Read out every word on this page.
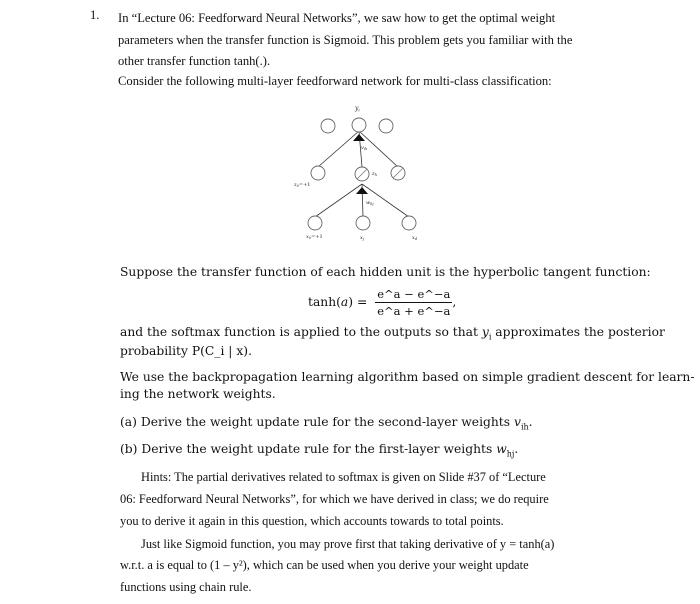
1. In “Lecture 06: Feedforward Neural Networks”, we saw how to get the optimal weight
parameters when the transfer function is Sigmoid. This problem gets you familiar with the
other transfer function tanh(.).
Consider the following multi-layer feedforward network for multi-class classification:
$y_i$
$v_{ih}$
$z_h$
$w_{hj}$
$z_0=+1$
$x_0=+1$	$x_j$	$x_d$
Suppose the transfer function of each hidden unit is the hyperbolic tangent function:
$\tanh(a) = \frac{e\^{}a - e\^{}-a}{e\^{}a + e\^{}-a}$ ,
and the softmax function is applied to the outputs so that $y_i$ approximates the posterior
probability P(C_i | x).
We use the backpropagation learning algorithm based on simple gradient descent for learn-
ing the network weights.
(a) Derive the weight update rule for the second-layer weights $v_{ih}$.
(b) Derive the weight update rule for the first-layer weights $w_{hj}$.
Hints: The partial derivatives related to softmax is given on Slide #37 of “Lecture
06: Feedforward Neural Networks”, for which we have derived in class; we do require
you to derive it again in this question, which accounts towards to total points.
Just like Sigmoid function, you may prove first that taking derivative of y = tanh(a)
w.r.t. a is equal to (1 – y²), which can be used when you derive your weight update
functions using chain rule.
